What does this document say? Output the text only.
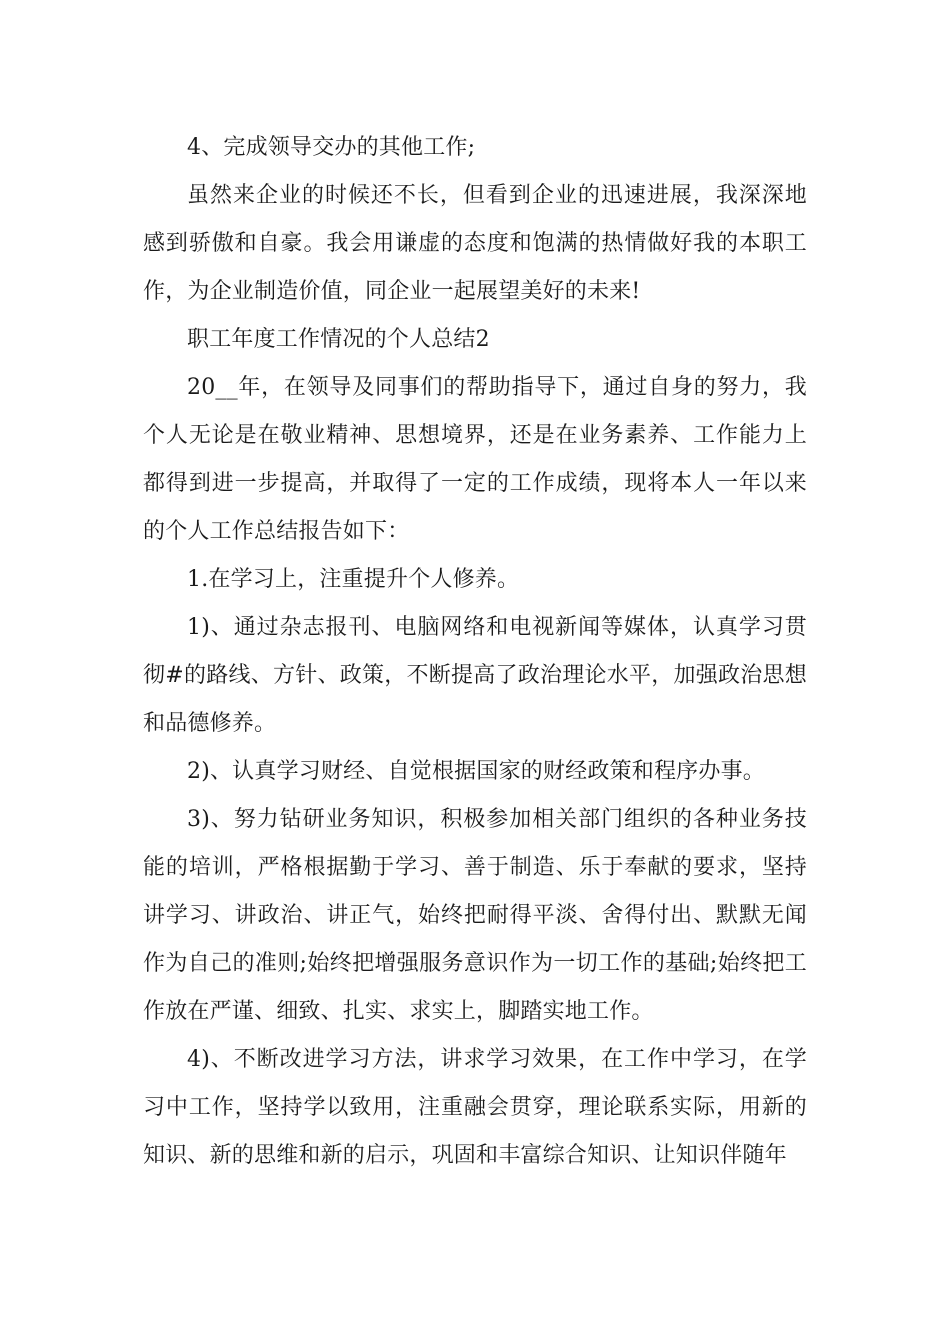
4、完成领导交办的其他工作;

虽然来企业的时候还不长，但看到企业的迅速进展，我深深地感到骄傲和自豪。我会用谦虚的态度和饱满的热情做好我的本职工作，为企业制造价值，同企业一起展望美好的未来!

职工年度工作情况的个人总结2

20__年，在领导及同事们的帮助指导下，通过自身的努力，我个人无论是在敬业精神、思想境界，还是在业务素养、工作能力上都得到进一步提高，并取得了一定的工作成绩，现将本人一年以来的个人工作总结报告如下：

1.在学习上，注重提升个人修养。

1)、通过杂志报刊、电脑网络和电视新闻等媒体，认真学习贯彻#的路线、方针、政策，不断提高了政治理论水平，加强政治思想和品德修养。

2)、认真学习财经、自觉根据国家的财经政策和程序办事。

3)、努力钻研业务知识，积极参加相关部门组织的各种业务技能的培训，严格根据勤于学习、善于制造、乐于奉献的要求，坚持讲学习、讲政治、讲正气，始终把耐得平淡、舍得付出、默默无闻作为自己的准则;始终把增强服务意识作为一切工作的基础;始终把工作放在严谨、细致、扎实、求实上，脚踏实地工作。

4)、不断改进学习方法，讲求学习效果，在工作中学习，在学习中工作，坚持学以致用，注重融会贯穿，理论联系实际，用新的知识、新的思维和新的启示，巩固和丰富综合知识、让知识伴随年
